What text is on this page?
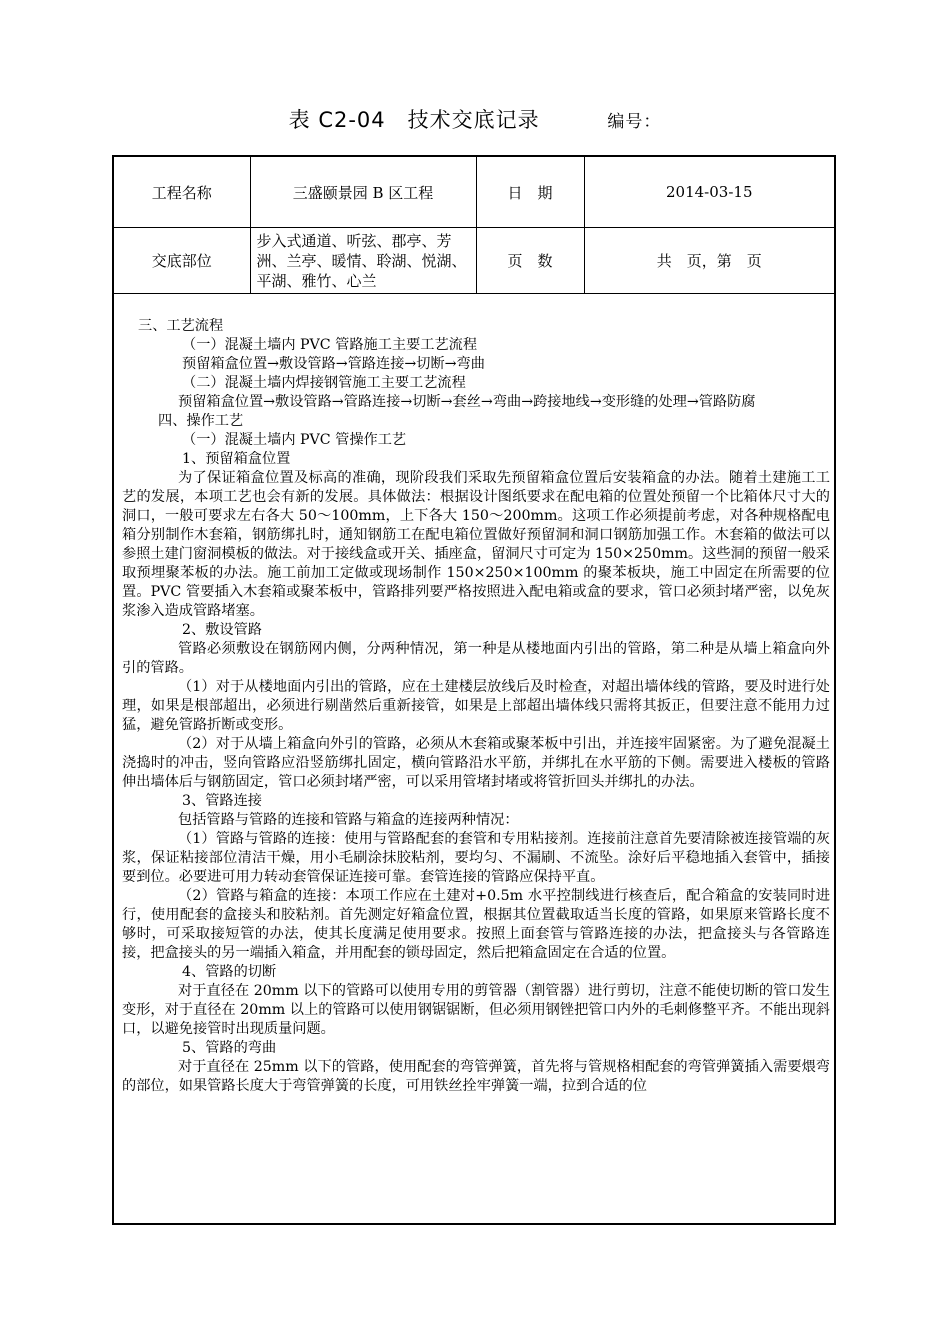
表 C2-04　技术交底记录	编号：
工程名称	三盛颐景园 B 区工程	日　期	2014-03-15
交底部位	步入式通道、听弦、郡亭、芳洲、兰亭、暖情、聆湖、悦湖、平湖、雅竹、心兰	页　数	共　页，第　页

三、工艺流程

（一）混凝土墙内 PVC 管路施工主要工艺流程

预留箱盒位置→敷设管路→管路连接→切断→弯曲

（二）混凝土墙内焊接钢管施工主要工艺流程

预留箱盒位置→敷设管路→管路连接→切断→套丝→弯曲→跨接地线→变形缝的处理→管路防腐

四、操作工艺

（一）混凝土墙内 PVC 管操作工艺

1、预留箱盒位置

为了保证箱盒位置及标高的准确，现阶段我们采取先预留箱盒位置后安装箱盒的办法。随着土建施工工艺的发展，本项工艺也会有新的发展。具体做法：根据设计图纸要求在配电箱的位置处预留一个比箱体尺寸大的洞口，一般可要求左右各大 50～100mm，上下各大 150～200mm。这项工作必须提前考虑，对各种规格配电箱分别制作木套箱，钢筋绑扎时，通知钢筋工在配电箱位置做好预留洞和洞口钢筋加强工作。木套箱的做法可以参照土建门窗洞模板的做法。对于接线盒或开关、插座盒，留洞尺寸可定为 150×250mm。这些洞的预留一般采取预埋聚苯板的办法。施工前加工定做或现场制作 150×250×100mm 的聚苯板块，施工中固定在所需要的位置。PVC 管要插入木套箱或聚苯板中，管路排列要严格按照进入配电箱或盒的要求，管口必须封堵严密，以免灰浆渗入造成管路堵塞。

2、敷设管路

管路必须敷设在钢筋网内侧，分两种情况，第一种是从楼地面内引出的管路，第二种是从墙上箱盒向外引的管路。

（1）对于从楼地面内引出的管路，应在土建楼层放线后及时检查，对超出墙体线的管路，要及时进行处理，如果是根部超出，必须进行剔凿然后重新接管，如果是上部超出墙体线只需将其扳正，但要注意不能用力过猛，避免管路折断或变形。

（2）对于从墙上箱盒向外引的管路，必须从木套箱或聚苯板中引出，并连接牢固紧密。为了避免混凝土浇捣时的冲击，竖向管路应沿竖筋绑扎固定，横向管路沿水平筋，并绑扎在水平筋的下侧。需要进入楼板的管路伸出墙体后与钢筋固定，管口必须封堵严密，可以采用管堵封堵或将管折回头并绑扎的办法。

3、管路连接

包括管路与管路的连接和管路与箱盒的连接两种情况：

（1）管路与管路的连接：使用与管路配套的套管和专用粘接剂。连接前注意首先要清除被连接管端的灰浆，保证粘接部位清洁干燥，用小毛刷涂抹胶粘剂，要均匀、不漏刷、不流坠。涂好后平稳地插入套管中，插接要到位。必要进可用力转动套管保证连接可靠。套管连接的管路应保持平直。

（2）管路与箱盒的连接：本项工作应在土建对+0.5m 水平控制线进行核查后，配合箱盒的安装同时进行，使用配套的盒接头和胶粘剂。首先测定好箱盒位置，根据其位置截取适当长度的管路，如果原来管路长度不够时，可采取接短管的办法，使其长度满足使用要求。按照上面套管与管路连接的办法，把盒接头与各管路连接，把盒接头的另一端插入箱盒，并用配套的锁母固定，然后把箱盒固定在合适的位置。

4、管路的切断

对于直径在 20mm 以下的管路可以使用专用的剪管器（割管器）进行剪切，注意不能使切断的管口发生变形，对于直径在 20mm 以上的管路可以使用钢锯锯断，但必须用钢锉把管口内外的毛刺修整平齐。不能出现斜口，以避免接管时出现质量问题。

5、管路的弯曲

对于直径在 25mm 以下的管路，使用配套的弯管弹簧，首先将与管规格相配套的弯管弹簧插入需要煨弯的部位，如果管路长度大于弯管弹簧的长度，可用铁丝拴牢弹簧一端，拉到合适的位
